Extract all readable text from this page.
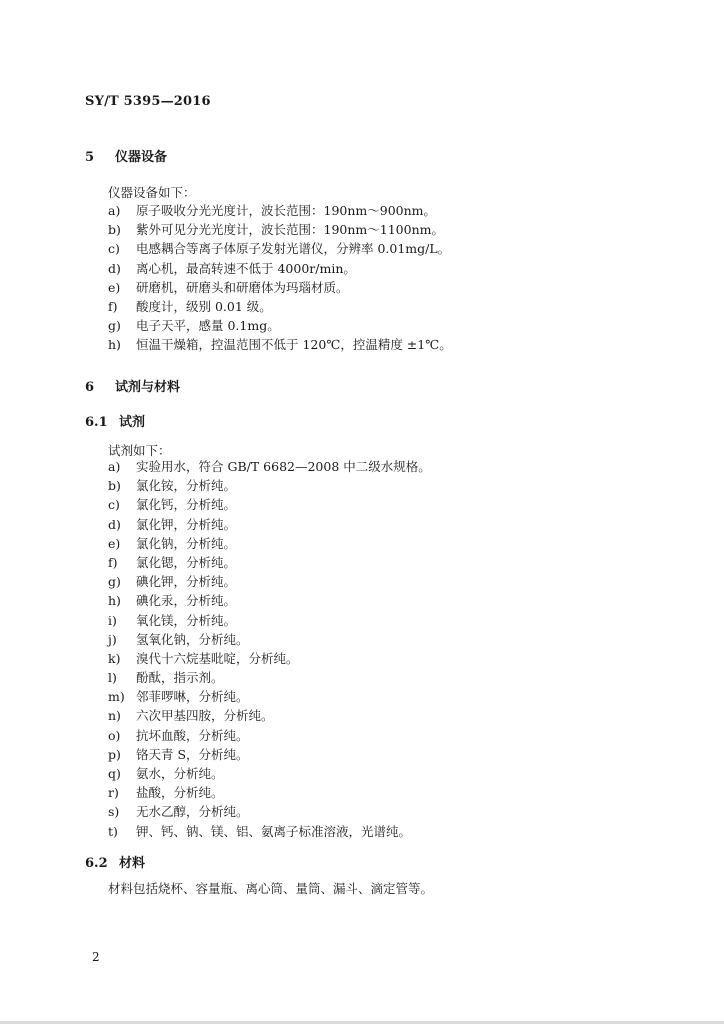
SY/T 5395—2016
5 仪器设备
仪器设备如下：
a) 原子吸收分光光度计，波长范围：190nm～900nm。
b) 紫外可见分光光度计，波长范围：190nm～1100nm。
c) 电感耦合等离子体原子发射光谱仪，分辨率 0.01mg/L。
d) 离心机，最高转速不低于 4000r/min。
e) 研磨机，研磨头和研磨体为玛瑙材质。
f) 酸度计，级别 0.01 级。
g) 电子天平，感量 0.1mg。
h) 恒温干燥箱，控温范围不低于 120℃，控温精度 ±1℃。
6 试剂与材料
6.1 试剂
试剂如下：
a) 实验用水，符合 GB/T 6682—2008 中二级水规格。
b) 氯化铵，分析纯。
c) 氯化钙，分析纯。
d) 氯化钾，分析纯。
e) 氯化钠，分析纯。
f) 氯化锶，分析纯。
g) 碘化钾，分析纯。
h) 碘化汞，分析纯。
i) 氧化镁，分析纯。
j) 氢氧化钠，分析纯。
k) 溴代十六烷基吡啶，分析纯。
l) 酚酞，指示剂。
m) 邻菲啰啉，分析纯。
n) 六次甲基四胺，分析纯。
o) 抗坏血酸，分析纯。
p) 铬天青 S，分析纯。
q) 氨水，分析纯。
r) 盐酸，分析纯。
s) 无水乙醇，分析纯。
t) 钾、钙、钠、镁、铝、氨离子标准溶液，光谱纯。
6.2 材料
材料包括烧杯、容量瓶、离心筒、量筒、漏斗、滴定管等。
2
